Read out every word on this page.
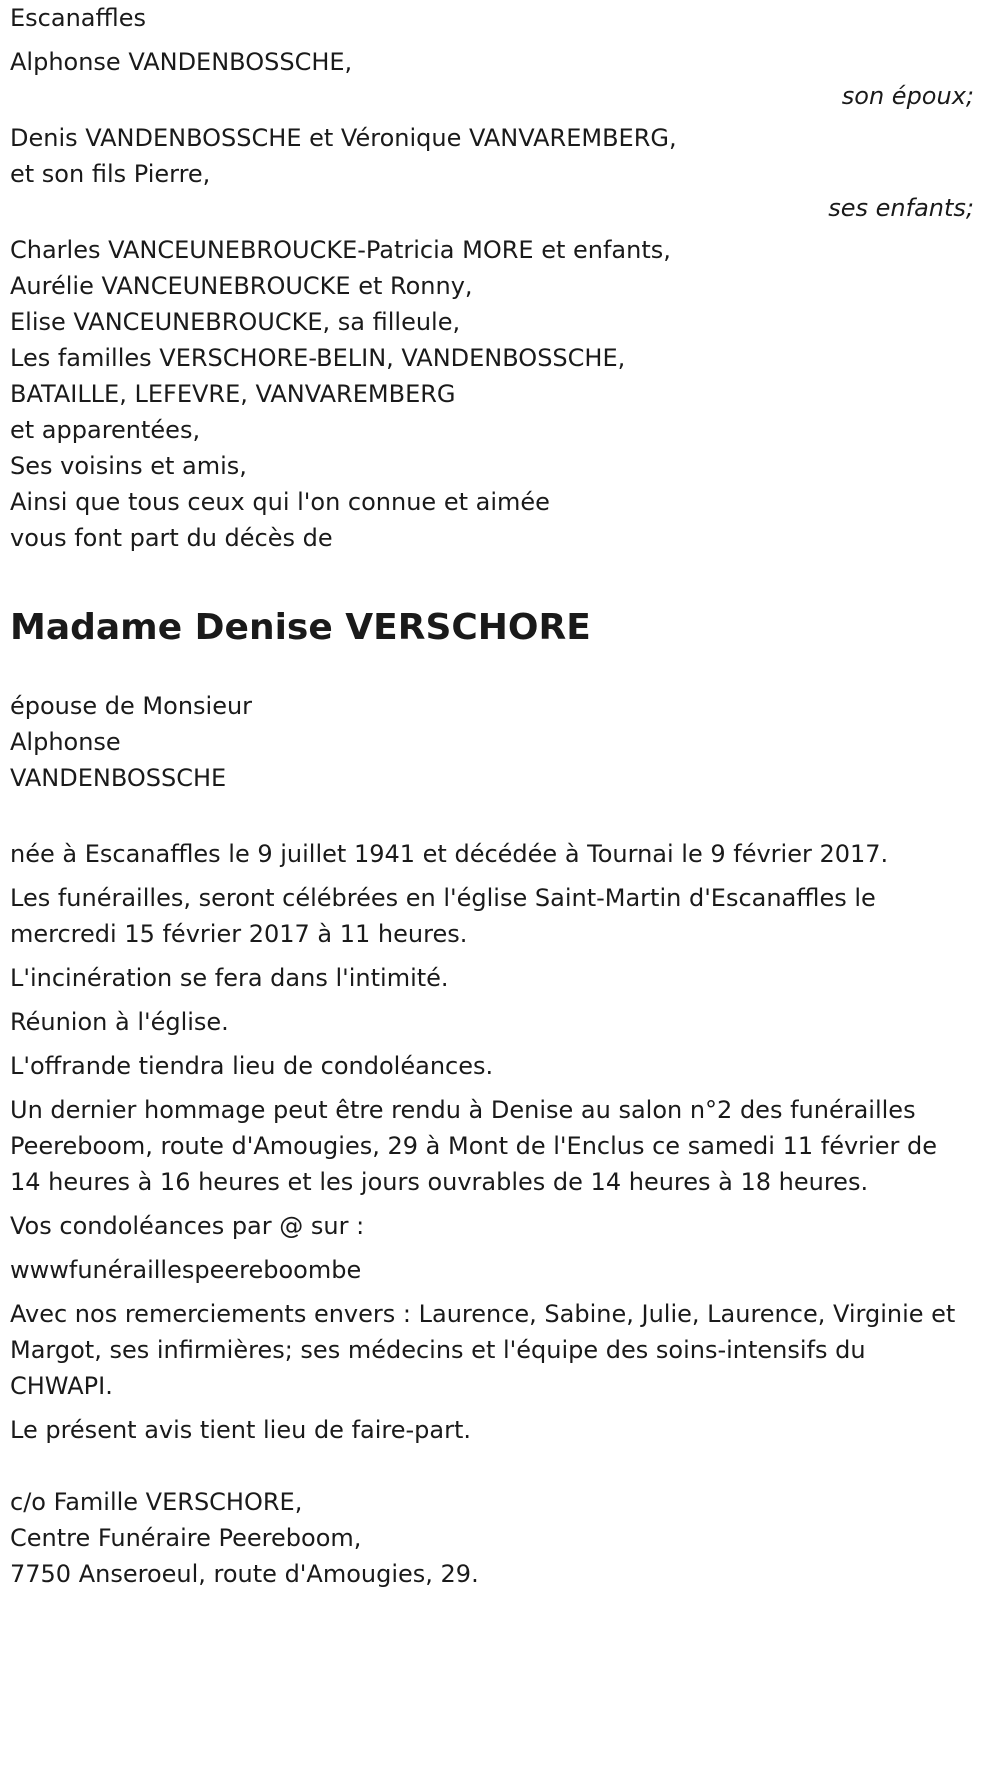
Escanaffles
Alphonse VANDENBOSSCHE,
son époux;
Denis VANDENBOSSCHE et Véronique VANVAREMBERG,
et son fils Pierre,
ses enfants;
Charles VANCEUNEBROUCKE-Patricia MORE et enfants,
Aurélie VANCEUNEBROUCKE et Ronny,
Elise VANCEUNEBROUCKE, sa filleule,
Les familles VERSCHORE-BELIN, VANDENBOSSCHE,
BATAILLE, LEFEVRE, VANVAREMBERG
et apparentées,
Ses voisins et amis,
Ainsi que tous ceux qui l'on connue et aimée
vous font part du décès de
Madame Denise VERSCHORE
épouse de Monsieur
Alphonse
VANDENBOSSCHE

née à Escanaffles le 9 juillet 1941 et décédée à Tournai le 9 février 2017.

Les funérailles, seront célébrées en l'église Saint-Martin d'Escanaffles le mercredi 15 février 2017 à 11 heures.

L'incinération se fera dans l'intimité.

Réunion à l'église.

L'offrande tiendra lieu de condoléances.

Un dernier hommage peut être rendu à Denise au salon n°2 des funérailles Peereboom, route d'Amougies, 29 à Mont de l'Enclus ce samedi 11 février de 14 heures à 16 heures et les jours ouvrables de 14 heures à 18 heures.

Vos condoléances par @ sur :

wwwfunéraillespeereboombe

Avec nos remerciements envers : Laurence, Sabine, Julie, Laurence, Virginie et Margot, ses infirmières; ses médecins et l'équipe des soins-intensifs du CHWAPI.

Le présent avis tient lieu de faire-part.

c/o Famille VERSCHORE,
Centre Funéraire Peereboom,
7750 Anseroeul, route d'Amougies, 29.
